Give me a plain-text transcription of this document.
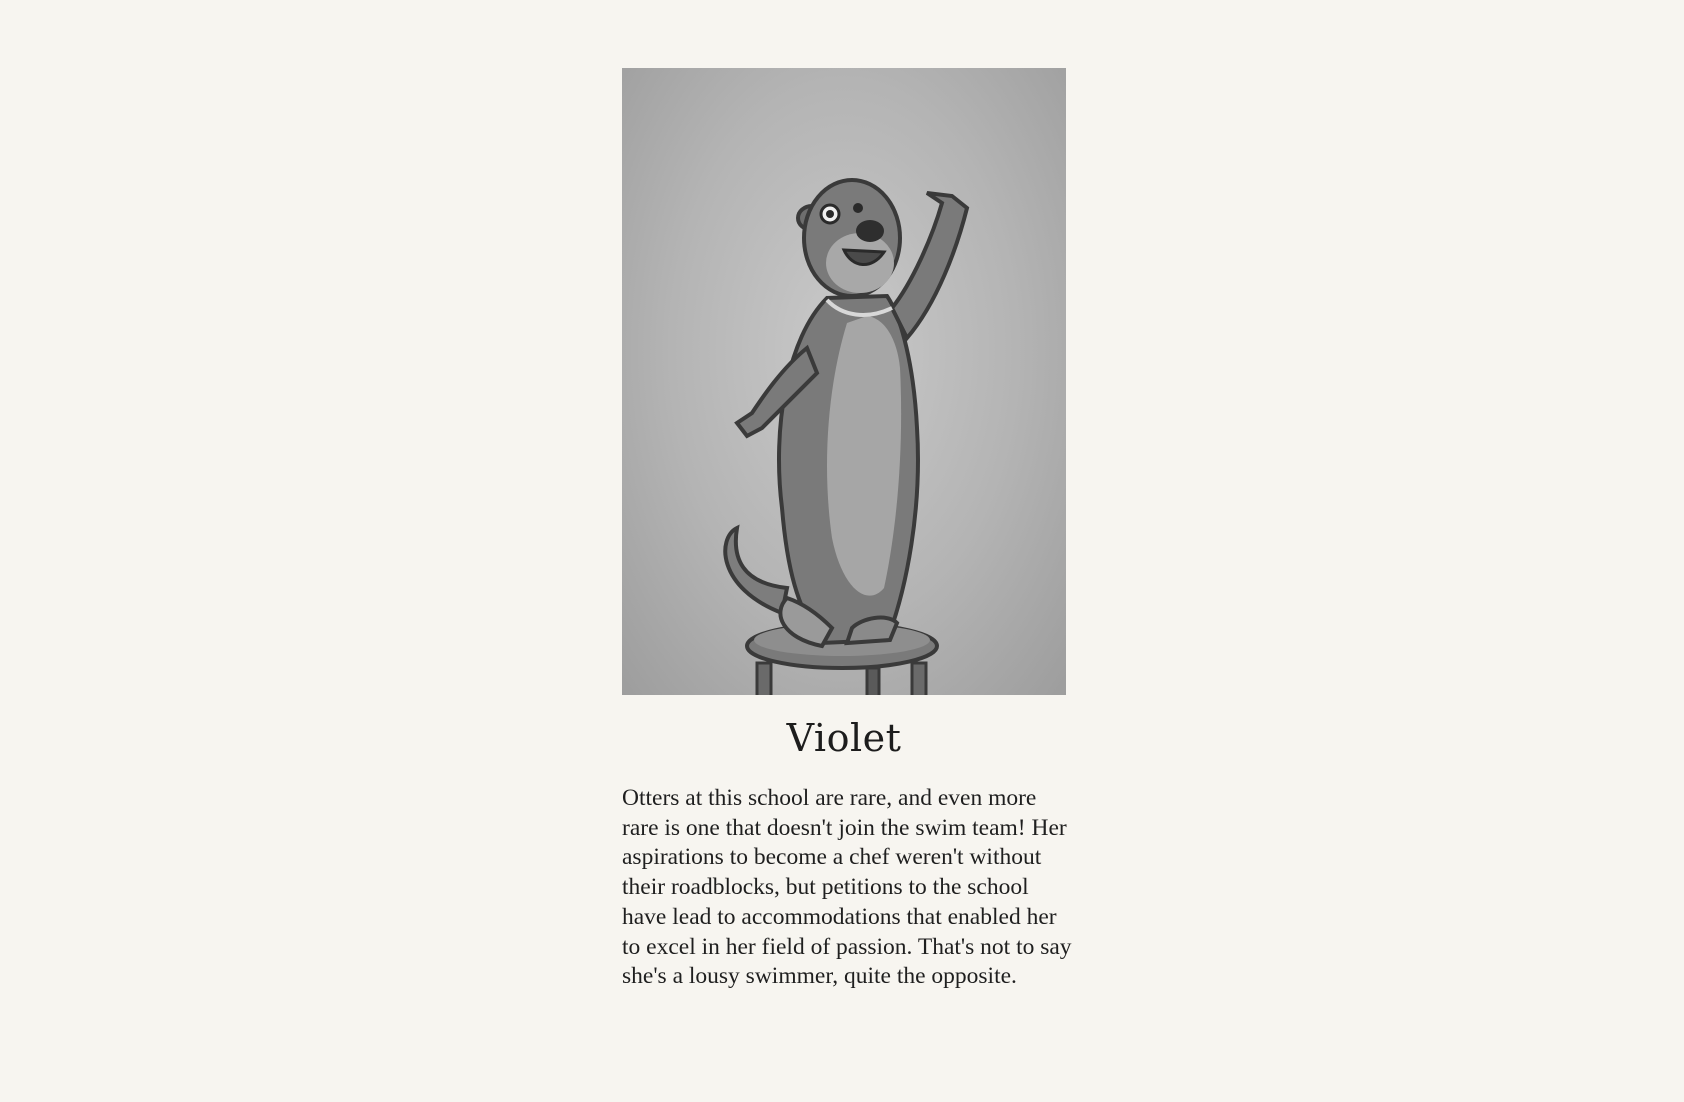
Violet

Otters at this school are rare, and even more rare is one that doesn't join the swim team! Her aspirations to become a chef weren't without their roadblocks, but petitions to the school have lead to accommodations that enabled her to excel in her field of passion. That's not to say she's a lousy swimmer, quite the opposite.
